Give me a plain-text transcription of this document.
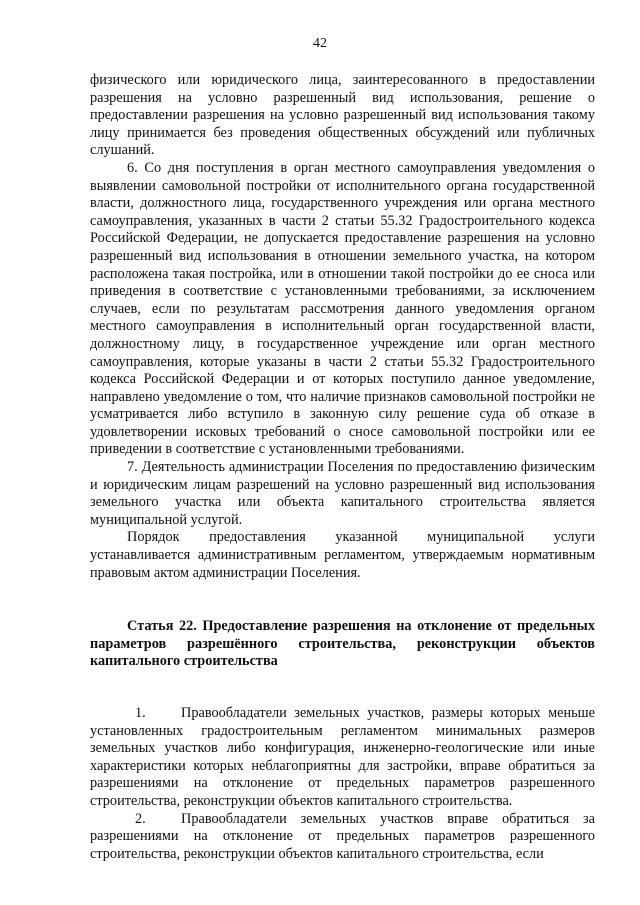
42

физического или юридического лица, заинтересованного в предоставлении разрешения на условно разрешенный вид использования, решение о предоставлении разрешения на условно разрешенный вид использования такому лицу принимается без проведения общественных обсуждений или публичных слушаний.

6. Со дня поступления в орган местного самоуправления уведомления о выявлении самовольной постройки от исполнительного органа государственной власти, должностного лица, государственного учреждения или органа местного самоуправления, указанных в части 2 статьи 55.32 Градостроительного кодекса Российской Федерации, не допускается предоставление разрешения на условно разрешенный вид использования в отношении земельного участка, на котором расположена такая постройка, или в отношении такой постройки до ее сноса или приведения в соответствие с установленными требованиями, за исключением случаев, если по результатам рассмотрения данного уведомления органом местного самоуправления в исполнительный орган государственной власти, должностному лицу, в государственное учреждение или орган местного самоуправления, которые указаны в части 2 статьи 55.32 Градостроительного кодекса Российской Федерации и от которых поступило данное уведомление, направлено уведомление о том, что наличие признаков самовольной постройки не усматривается либо вступило в законную силу решение суда об отказе в удовлетворении исковых требований о сносе самовольной постройки или ее приведении в соответствие с установленными требованиями.

7. Деятельность администрации Поселения по предоставлению физическим и юридическим лицам разрешений на условно разрешенный вид использования земельного участка или объекта капитального строительства является муниципальной услугой.

Порядок предоставления указанной муниципальной услуги устанавливается административным регламентом, утверждаемым нормативным правовым актом администрации Поселения.

Статья 22. Предоставление разрешения на отклонение от предельных параметров разрешённого строительства, реконструкции объектов капитального строительства

1. Правообладатели земельных участков, размеры которых меньше установленных градостроительным регламентом минимальных размеров земельных участков либо конфигурация, инженерно-геологические или иные характеристики которых неблагоприятны для застройки, вправе обратиться за разрешениями на отклонение от предельных параметров разрешенного строительства, реконструкции объектов капитального строительства.

2. Правообладатели земельных участков вправе обратиться за разрешениями на отклонение от предельных параметров разрешенного строительства, реконструкции объектов капитального строительства, если
